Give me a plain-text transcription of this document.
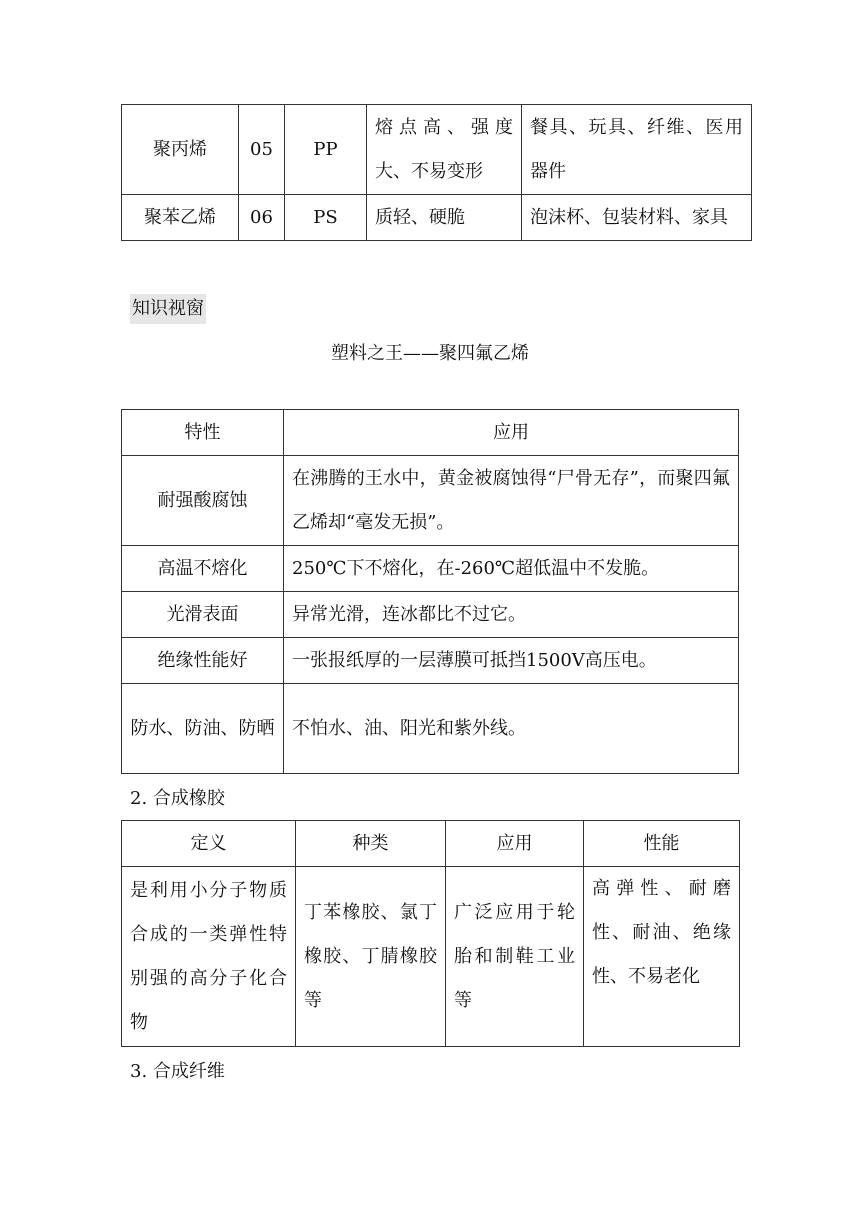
聚丙烯	05	PP	熔点高、强度大、不易变形	餐具、玩具、纤维、医用器件
聚苯乙烯	06	PS	质轻、硬脆	泡沫杯、包装材料、家具
知识视窗
塑料之王——聚四氟乙烯
特性	应用
耐强酸腐蚀	在沸腾的王水中，黄金被腐蚀得“尸骨无存”，而聚四氟乙烯却“毫发无损”。
高温不熔化	250℃下不熔化，在-260℃超低温中不发脆。
光滑表面	异常光滑，连冰都比不过它。
绝缘性能好	一张报纸厚的一层薄膜可抵挡1500V高压电。
防水、防油、防晒	不怕水、油、阳光和紫外线。
2. 合成橡胶
定义	种类	应用	性能
是利用小分子物质合成的一类弹性特别强的高分子化合物	丁苯橡胶、氯丁橡胶、丁腈橡胶等	广泛应用于轮胎和制鞋工业等	高弹性、耐磨性、耐油、绝缘性、不易老化
3. 合成纤维
